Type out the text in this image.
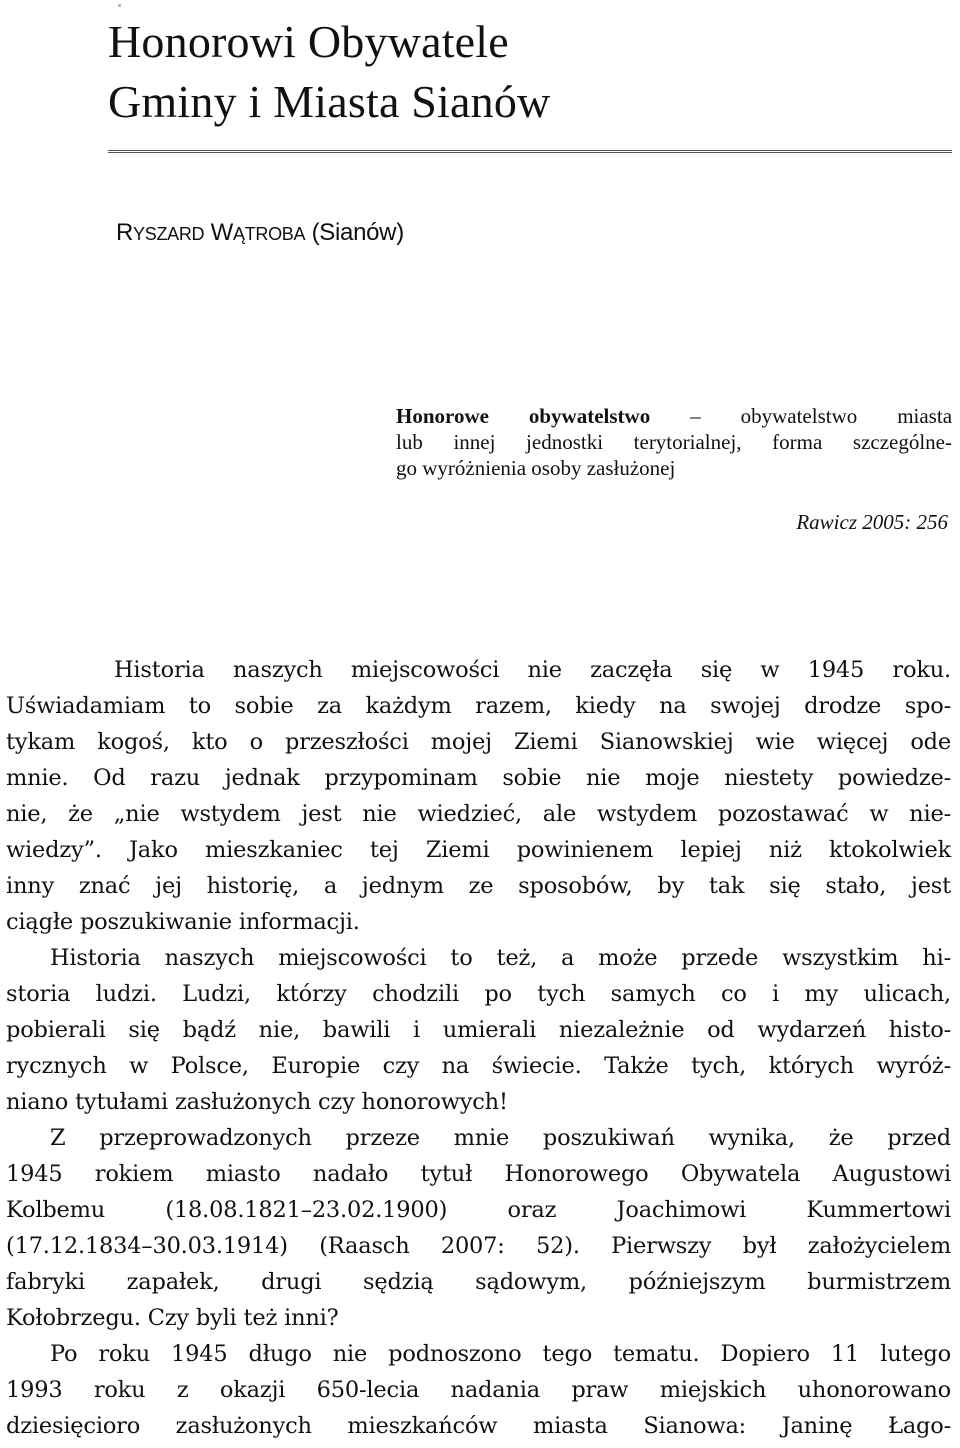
Honorowi Obywatele
Gminy i Miasta Sianów
RYSZARD WĄTROBA (Sianów)
Honorowe obywatelstwo – obywatelstwo miasta
lub innej jednostki terytorialnej, forma szczególne-
go wyróżnienia osoby zasłużonej
Rawicz 2005: 256
Historia naszych miejscowości nie zaczęła się w 1945 roku.
Uświadamiam to sobie za każdym razem, kiedy na swojej drodze spo-
tykam kogoś, kto o przeszłości mojej Ziemi Sianowskiej wie więcej ode
mnie. Od razu jednak przypominam sobie nie moje niestety powiedze-
nie, że „nie wstydem jest nie wiedzieć, ale wstydem pozostawać w nie-
wiedzy”. Jako mieszkaniec tej Ziemi powinienem lepiej niż ktokolwiek
inny znać jej historię, a jednym ze sposobów, by tak się stało, jest
ciągłe poszukiwanie informacji.
Historia naszych miejscowości to też, a może przede wszystkim hi-
storia ludzi. Ludzi, którzy chodzili po tych samych co i my ulicach,
pobierali się bądź nie, bawili i umierali niezależnie od wydarzeń histo-
rycznych w Polsce, Europie czy na świecie. Także tych, których wyróż-
niano tytułami zasłużonych czy honorowych!
Z przeprowadzonych przeze mnie poszukiwań wynika, że przed
1945 rokiem miasto nadało tytuł Honorowego Obywatela Augustowi
Kolbemu (18.08.1821–23.02.1900) oraz Joachimowi Kummertowi
(17.12.1834–30.03.1914) (Raasch 2007: 52). Pierwszy był założycielem
fabryki zapałek, drugi sędzią sądowym, późniejszym burmistrzem
Kołobrzegu. Czy byli też inni?
Po roku 1945 długo nie podnoszono tego tematu. Dopiero 11 lutego
1993 roku z okazji 650-lecia nadania praw miejskich uhonorowano
dziesięcioro zasłużonych mieszkańców miasta Sianowa: Janinę Łago-
